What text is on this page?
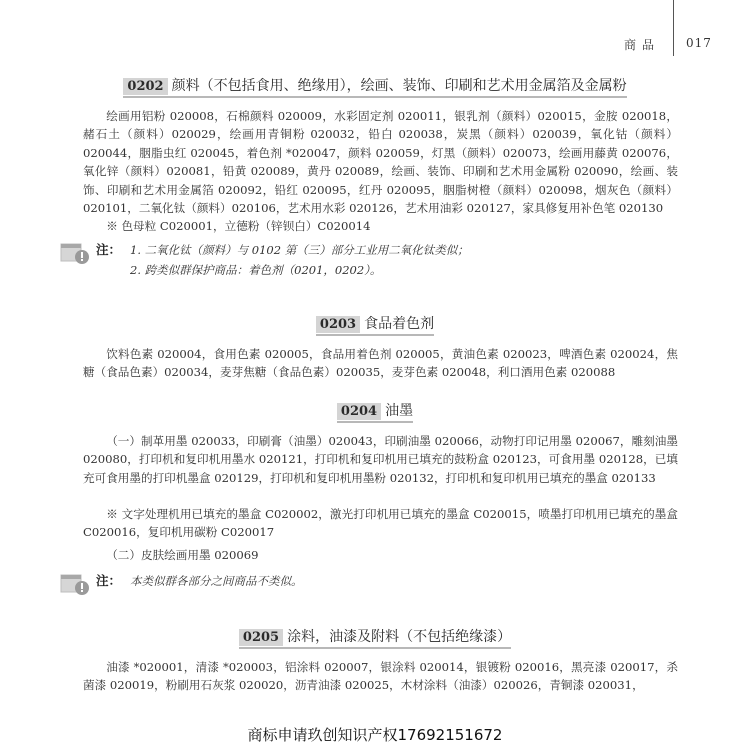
商品 017
0202 颜料（不包括食用、绝缘用），绘画、装饰、印刷和艺术用金属箔及金属粉
绘画用铝粉 020008，石棉颜料 020009，水彩固定剂 020011，银乳剂（颜料）020015，金胺 020018，赭石土（颜料）020029，绘画用青铜粉 020032，铅白 020038，炭黑（颜料）020039，氧化钴（颜料）020044，胭脂虫红 020045，着色剂 *020047，颜料 020059，灯黑（颜料）020073，绘画用藤黄 020076，氧化锌（颜料）020081，铅黄 020089，黄丹 020089，绘画、装饰、印刷和艺术用金属粉 020090，绘画、装饰、印刷和艺术用金属箔 020092，铅红 020095，红丹 020095，胭脂树橙（颜料）020098，烟灰色（颜料）020101，二氧化钛（颜料）020106，艺术用水彩 020126，艺术用油彩 020127，家具修复用补色笔 020130
※ 色母粒 C020001，立德粉（锌钡白）C020014
注： 1. 二氧化钛（颜料）与 0102 第（三）部分工业用二氧化钛类似；
2. 跨类似群保护商品：着色剂（0201，0202）。
0203 食品着色剂
饮料色素 020004，食用色素 020005，食品用着色剂 020005，黄油色素 020023，啤酒色素 020024，焦糖（食品色素）020034，麦芽焦糖（食品色素）020035，麦芽色素 020048，利口酒用色素 020088
0204 油墨
（一）制革用墨 020033，印刷膏（油墨）020043，印刷油墨 020066，动物打印记用墨 020067，雕刻油墨 020080，打印机和复印机用墨水 020121，打印机和复印机用已填充的鼓粉盒 020123，可食用墨 020128，已填充可食用墨的打印机墨盒 020129，打印机和复印机用墨粉 020132，打印机和复印机用已填充的墨盒 020133
※ 文字处理机用已填充的墨盒 C020002，激光打印机用已填充的墨盒 C020015，喷墨打印机用已填充的墨盒 C020016，复印机用碳粉 C020017
（二）皮肤绘画用墨 020069
注： 本类似群各部分之间商品不类似。
0205 涂料，油漆及附料（不包括绝缘漆）
油漆 *020001，清漆 *020003，铝涂料 020007，银涂料 020014，银镀粉 020016，黑亮漆 020017，杀菌漆 020019，粉刷用石灰浆 020020，沥青油漆 020025，木材涂料（油漆）020026，青铜漆 020031，
商标申请玖创知识产权17692151672
